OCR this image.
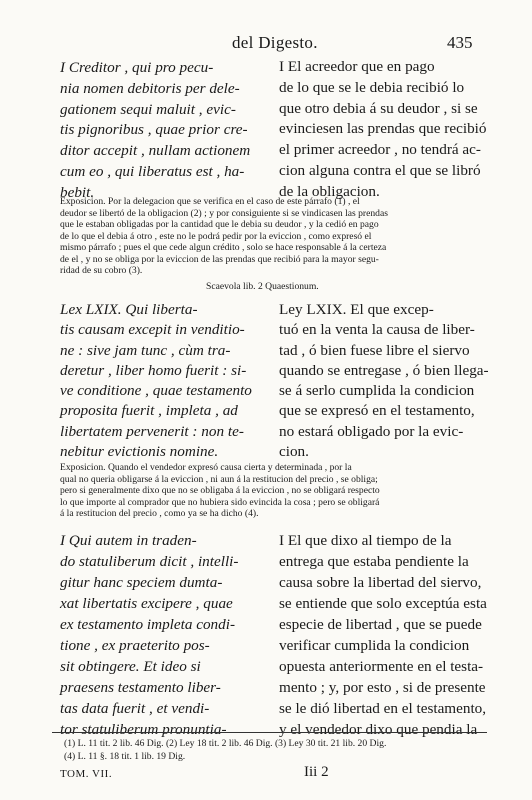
del Digesto.	435
I Creditor , qui pro pecu-
nia nomen debitoris per dele-
gationem sequi maluit , evic-
tis pignoribus , quae prior cre-
ditor accepit , nullam actionem
cum eo , qui liberatus est , ha-
bebit.
I El acreedor que en pago
de lo que se le debia recibió lo
que otro debia á su deudor , si se
evinciesen las prendas que recibió
el primer acreedor , no tendrá ac-
cion alguna contra el que se libró
de la obligacion.
Exposicion. Por la delegacion que se verifica en el caso de este párrafo (1) , el
deudor se libertó de la obligacion (2) ; y por consiguiente si se vindicasen las prendas
que le estaban obligadas por la cantidad que le debia su deudor , y la cedió en pago
de lo que el debia á otro , este no le podrá pedir por la eviccion , como expresó el
mismo párrafo ; pues el que cede algun crédito , solo se hace responsable á la certeza
de el , y no se obliga por la eviccion de las prendas que recibió para la mayor segu-
ridad de su cobro (3).
Scaevola lib. 2 Quaestionum.
Lex LXIX. Qui liberta-
tis causam excepit in venditio-
ne : sive jam tunc , cùm tra-
deretur , liber homo fuerit : si-
ve conditione , quae testamento
proposita fuerit , impleta , ad
libertatem pervenerit : non te-
nebitur evictionis nomine.
Ley LXIX. El que excep-
tuó en la venta la causa de liber-
tad , ó bien fuese libre el siervo
quando se entregase , ó bien llega-
se á serlo cumplida la condicion
que se expresó en el testamento,
no estará obligado por la evic-
cion.
Exposicion. Quando el vendedor expresó causa cierta y determinada , por la
qual no queria obligarse á la eviccion , ni aun á la restitucion del precio , se obliga;
pero si generalmente dixo que no se obligaba á la eviccion , no se obligará respecto
lo que importe al comprador que no hubiera sido evincida la cosa ; pero se obligará
á la restitucion del precio , como ya se ha dicho (4).
I Qui autem in traden-
do statuliberum dicit , intelli-
gitur hanc speciem dumta-
xat libertatis excipere , quae
ex testamento impleta condi-
tione , ex praeterito pos-
sit obtingere. Et ideo si
praesens testamento liber-
tas data fuerit , et vendi-
tor statuliberum pronuntia-
I El que dixo al tiempo de la
entrega que estaba pendiente la
causa sobre la libertad del siervo,
se entiende que solo exceptúa esta
especie de libertad , que se puede
verificar cumplida la condicion
opuesta anteriormente en el testa-
mento ; y, por esto , si de presente
se le dió libertad en el testamento,
y el vendedor dixo que pendia la
(1) L. 11 tit. 2 lib. 46 Dig. (2) Ley 18 tit. 2 lib. 46 Dig. (3) Ley 30 tit. 21 lib. 20 Dig.
(4) L. 11 §. 18 tit. 1 lib. 19 Dig.
TOM. VII.	Iii 2
